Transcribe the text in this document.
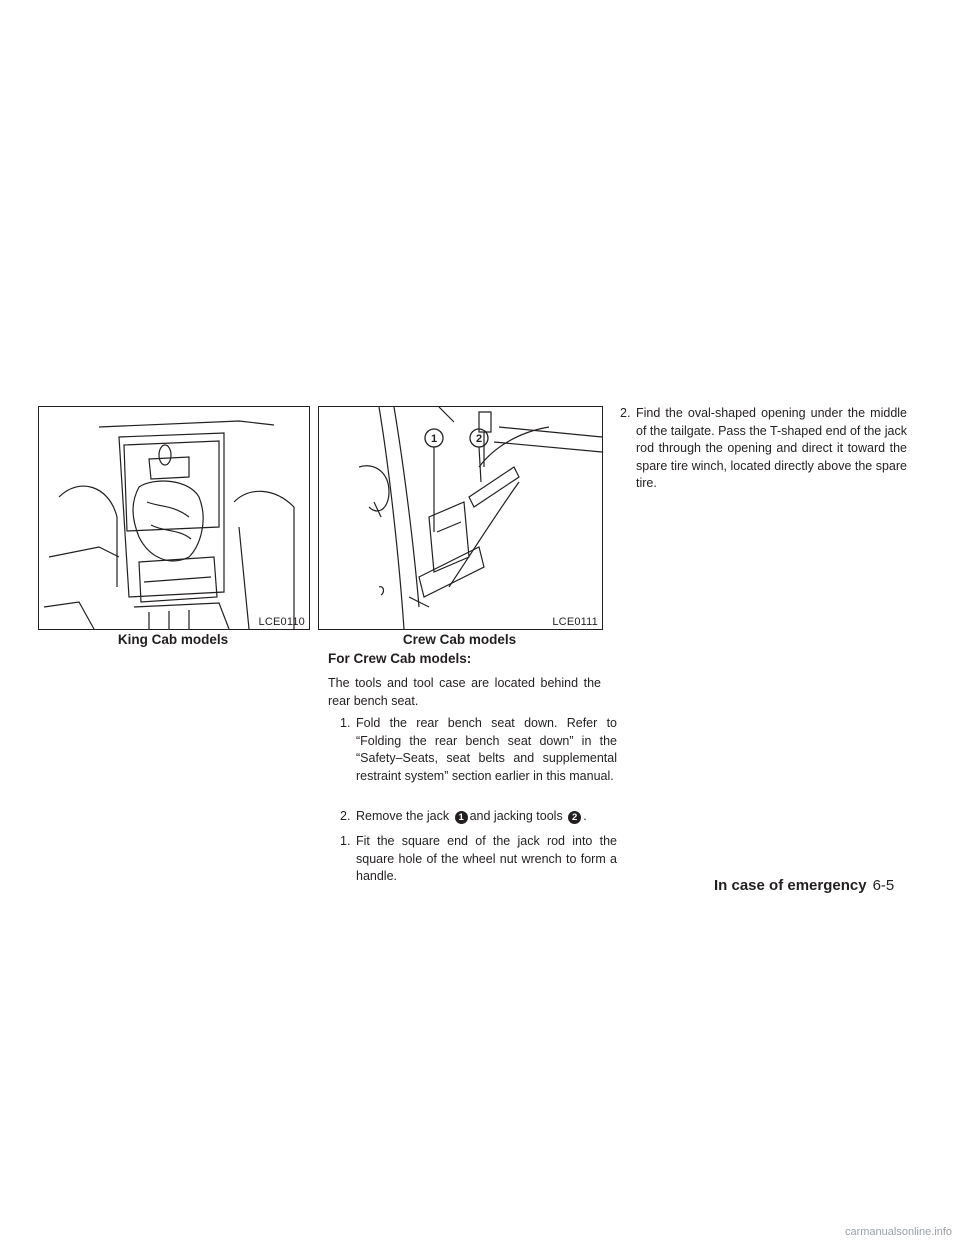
LCE0110
King Cab models
1	2
LCE0111
Crew Cab models
For Crew Cab models:
The tools and tool case are located behind the rear bench seat.
1. Fold the rear bench seat down. Refer to “Folding the rear bench seat down” in the “Safety–Seats, seat belts and supplemental restraint system” section earlier in this manual.
2. Remove the jack 1 and jacking tools 2 .
1. Fit the square end of the jack rod into the square hole of the wheel nut wrench to form a handle.
2. Find the oval-shaped opening under the middle of the tailgate. Pass the T-shaped end of the jack rod through the opening and direct it toward the spare tire winch, located directly above the spare tire.
In case of emergency 6-5
carmanualsonline.info
